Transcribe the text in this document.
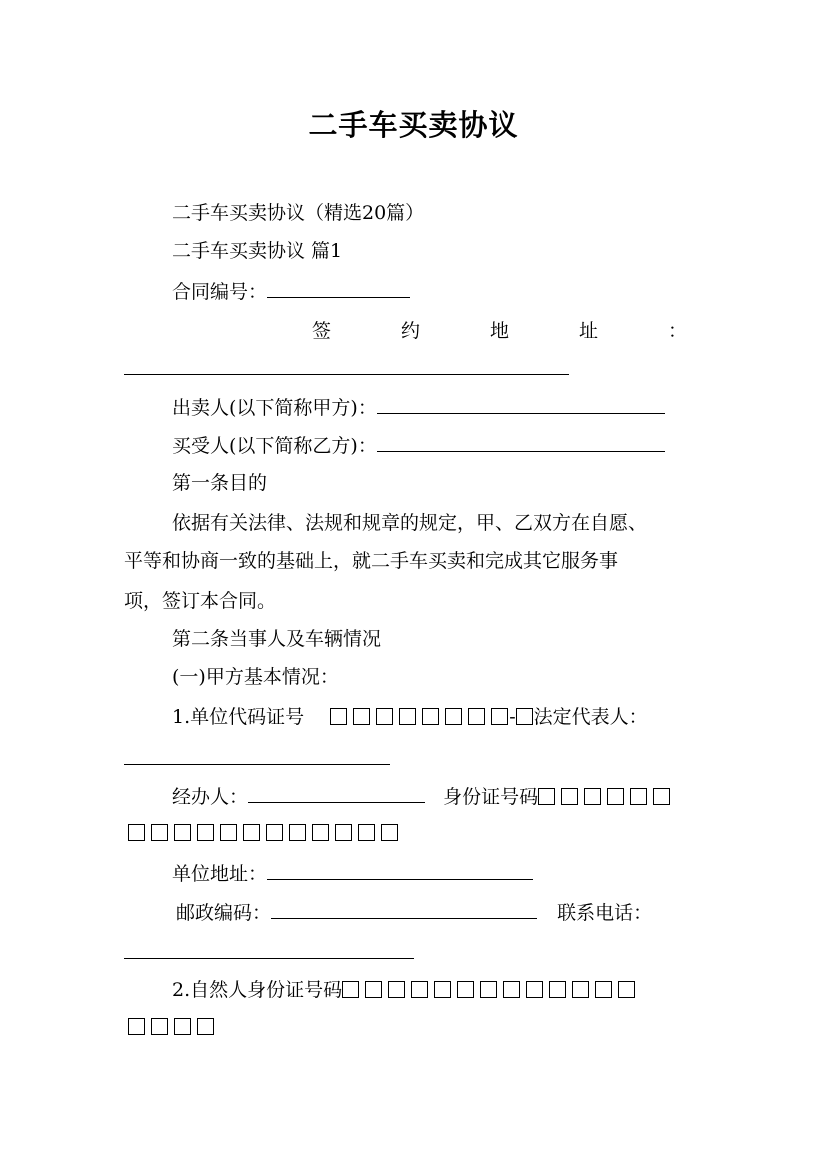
二手车买卖协议
二手车买卖协议（精选20篇）
二手车买卖协议 篇1
合同编号：
签	约	地	址	：
出卖人(以下简称甲方)：
买受人(以下简称乙方)：
第一条目的
依据有关法律、法规和规章的规定，甲、乙双方在自愿、
平等和协商一致的基础上，就二手车买卖和完成其它服务事
项，签订本合同。
第二条当事人及车辆情况
(一)甲方基本情况：
1.单位代码证号	- 法定代表人：
经办人：	身份证号码
单位地址：
邮政编码：	联系电话：
2.自然人身份证号码
